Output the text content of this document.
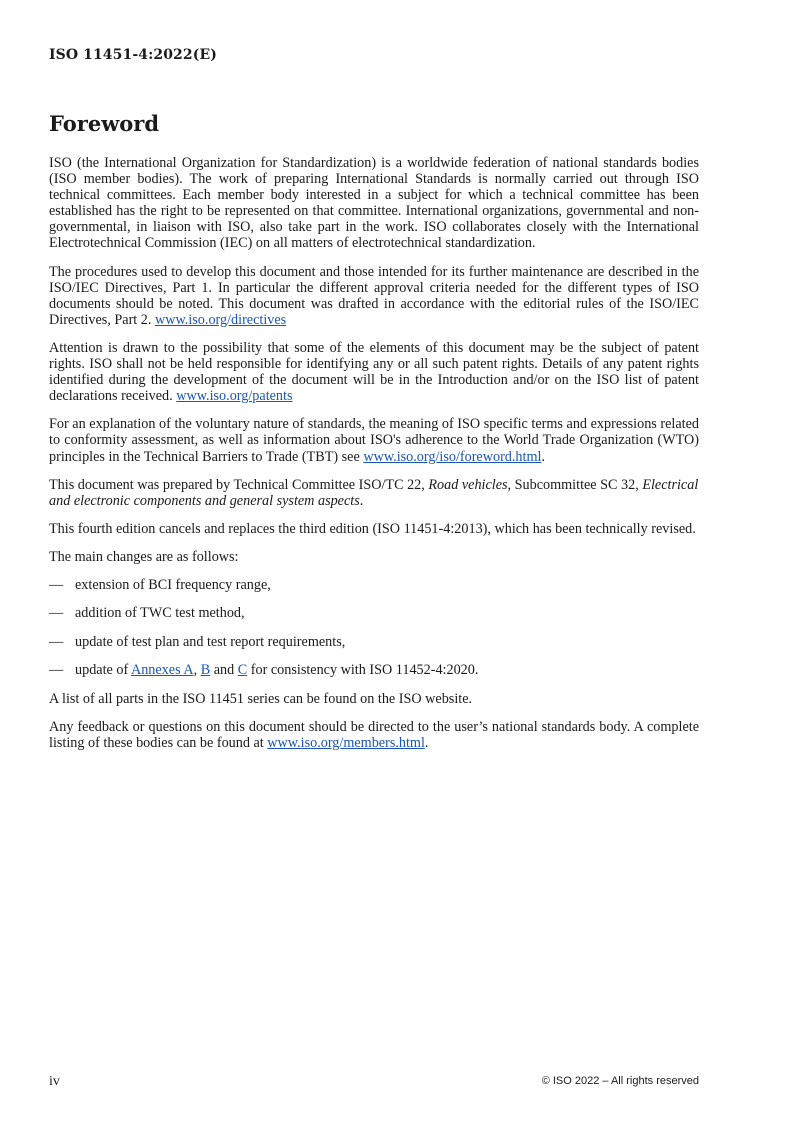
ISO 11451-4:2022(E)
Foreword

ISO (the International Organization for Standardization) is a worldwide federation of national standards bodies (ISO member bodies). The work of preparing International Standards is normally carried out through ISO technical committees. Each member body interested in a subject for which a technical committee has been established has the right to be represented on that committee. International organizations, governmental and non-governmental, in liaison with ISO, also take part in the work. ISO collaborates closely with the International Electrotechnical Commission (IEC) on all matters of electrotechnical standardization.

The procedures used to develop this document and those intended for its further maintenance are described in the ISO/IEC Directives, Part 1. In particular the different approval criteria needed for the different types of ISO documents should be noted. This document was drafted in accordance with the editorial rules of the ISO/IEC Directives, Part 2. www.iso.org/directives

Attention is drawn to the possibility that some of the elements of this document may be the subject of patent rights. ISO shall not be held responsible for identifying any or all such patent rights. Details of any patent rights identified during the development of the document will be in the Introduction and/or on the ISO list of patent declarations received. www.iso.org/patents

For an explanation of the voluntary nature of standards, the meaning of ISO specific terms and expressions related to conformity assessment, as well as information about ISO's adherence to the World Trade Organization (WTO) principles in the Technical Barriers to Trade (TBT) see www.iso.org/iso/foreword.html.

This document was prepared by Technical Committee ISO/TC 22, Road vehicles, Subcommittee SC 32, Electrical and electronic components and general system aspects.

This fourth edition cancels and replaces the third edition (ISO 11451-4:2013), which has been technically revised.

The main changes are as follows:

— extension of BCI frequency range,
— addition of TWC test method,
— update of test plan and test report requirements,
— update of Annexes A, B and C for consistency with ISO 11452-4:2020.

A list of all parts in the ISO 11451 series can be found on the ISO website.

Any feedback or questions on this document should be directed to the user’s national standards body. A complete listing of these bodies can be found at www.iso.org/members.html.

iv	© ISO 2022 – All rights reserved
